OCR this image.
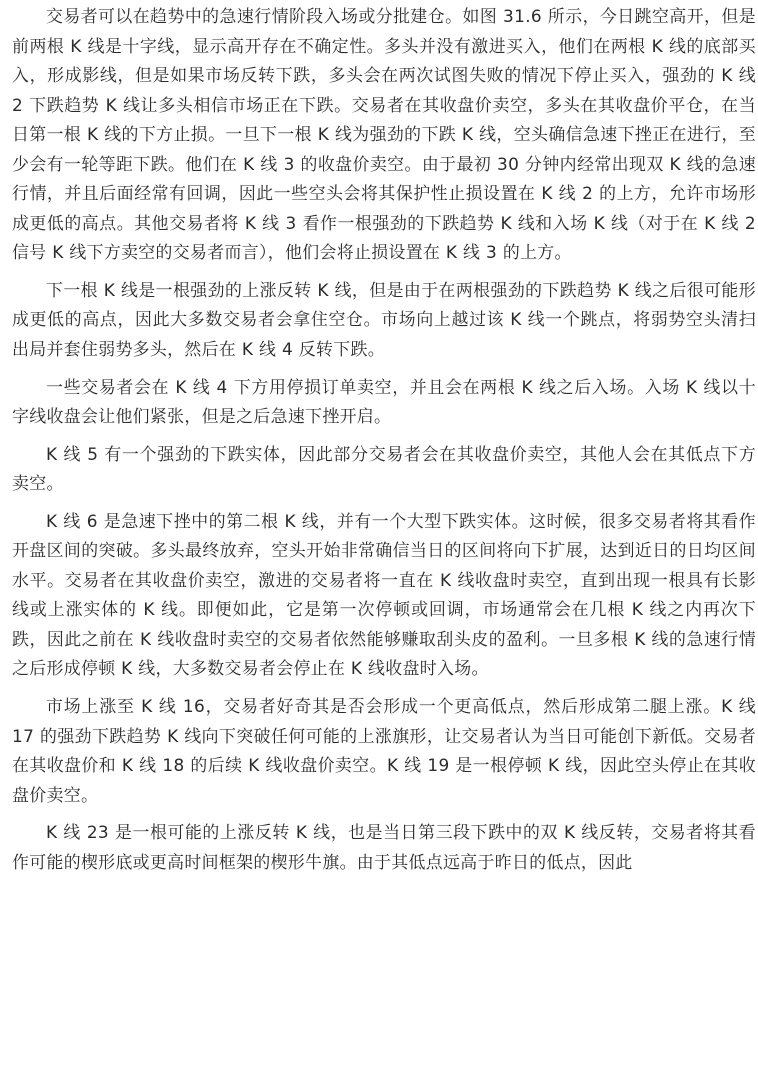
交易者可以在趋势中的急速行情阶段入场或分批建仓。如图 31.6 所示，今日跳空高开，但是前两根 K 线是十字线，显示高开存在不确定性。多头并没有激进买入，他们在两根 K 线的底部买入，形成影线，但是如果市场反转下跌，多头会在两次试图失败的情况下停止买入，强劲的 K 线 2 下跌趋势 K 线让多头相信市场正在下跌。交易者在其收盘价卖空，多头在其收盘价平仓，在当日第一根 K 线的下方止损。一旦下一根 K 线为强劲的下跌 K 线，空头确信急速下挫正在进行，至少会有一轮等距下跌。他们在 K 线 3 的收盘价卖空。由于最初 30 分钟内经常出现双 K 线的急速行情，并且后面经常有回调，因此一些空头会将其保护性止损设置在 K 线 2 的上方，允许市场形成更低的高点。其他交易者将 K 线 3 看作一根强劲的下跌趋势 K 线和入场 K 线（对于在 K 线 2 信号 K 线下方卖空的交易者而言），他们会将止损设置在 K 线 3 的上方。

下一根 K 线是一根强劲的上涨反转 K 线，但是由于在两根强劲的下跌趋势 K 线之后很可能形成更低的高点，因此大多数交易者会拿住空仓。市场向上越过该 K 线一个跳点，将弱势空头清扫出局并套住弱势多头，然后在 K 线 4 反转下跌。

一些交易者会在 K 线 4 下方用停损订单卖空，并且会在两根 K 线之后入场。入场 K 线以十字线收盘会让他们紧张，但是之后急速下挫开启。

K 线 5 有一个强劲的下跌实体，因此部分交易者会在其收盘价卖空，其他人会在其低点下方卖空。

K 线 6 是急速下挫中的第二根 K 线，并有一个大型下跌实体。这时候，很多交易者将其看作开盘区间的突破。多头最终放弃，空头开始非常确信当日的区间将向下扩展，达到近日的日均区间水平。交易者在其收盘价卖空，激进的交易者将一直在 K 线收盘时卖空，直到出现一根具有长影线或上涨实体的 K 线。即便如此，它是第一次停顿或回调，市场通常会在几根 K 线之内再次下跌，因此之前在 K 线收盘时卖空的交易者依然能够赚取刮头皮的盈利。一旦多根 K 线的急速行情之后形成停顿 K 线，大多数交易者会停止在 K 线收盘时入场。

市场上涨至 K 线 16，交易者好奇其是否会形成一个更高低点，然后形成第二腿上涨。K 线 17 的强劲下跌趋势 K 线向下突破任何可能的上涨旗形，让交易者认为当日可能创下新低。交易者在其收盘价和 K 线 18 的后续 K 线收盘价卖空。K 线 19 是一根停顿 K 线，因此空头停止在其收盘价卖空。

K 线 23 是一根可能的上涨反转 K 线，也是当日第三段下跌中的双 K 线反转，交易者将其看作可能的楔形底或更高时间框架的楔形牛旗。由于其低点远高于昨日的低点，因此
